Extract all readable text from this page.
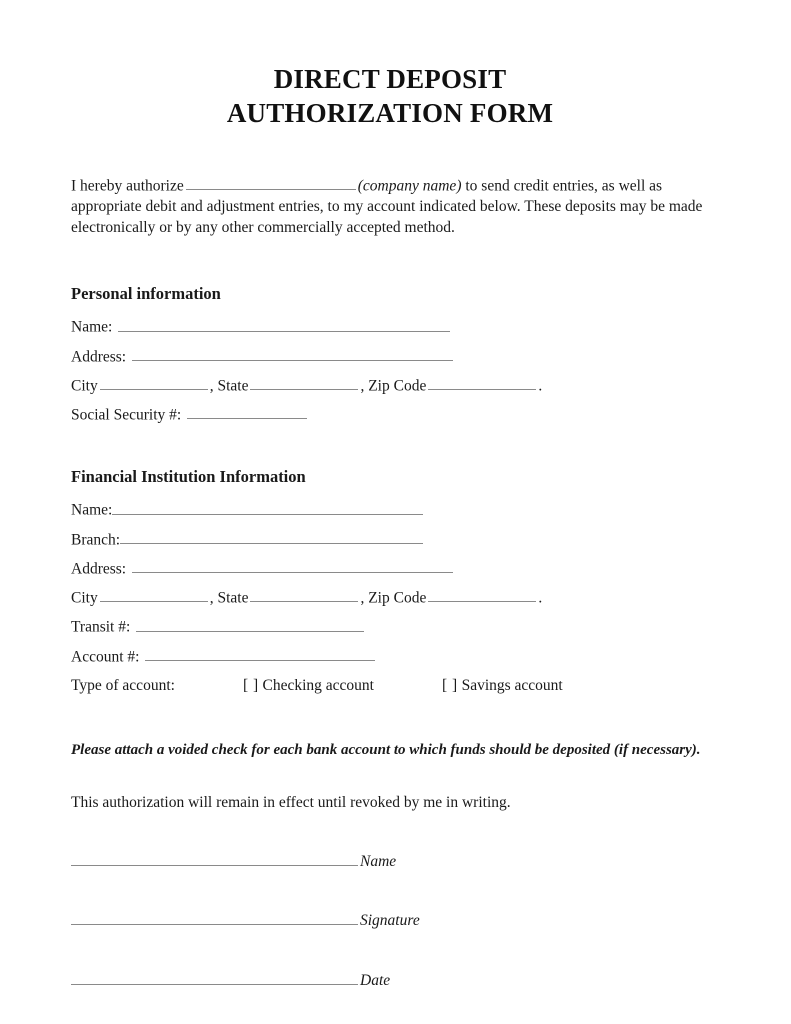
DIRECT DEPOSIT
AUTHORIZATION FORM

I hereby authorize	(company name) to send credit entries, as well as appropriate debit and adjustment entries, to my account indicated below. These deposits may be made electronically or by any other commercially accepted method.

Personal information
Name:
Address:
City	, State	, Zip Code	.
Social Security #:
Financial Institution Information
Name:
Branch:
Address:
City	, State	, Zip Code	.
Transit #:
Account #:
Type of account:	[ ] Checking account	[ ] Savings account
Please attach a voided check for each bank account to which funds should be deposited (if necessary).
This authorization will remain in effect until revoked by me in writing.
Name
Signature
Date
